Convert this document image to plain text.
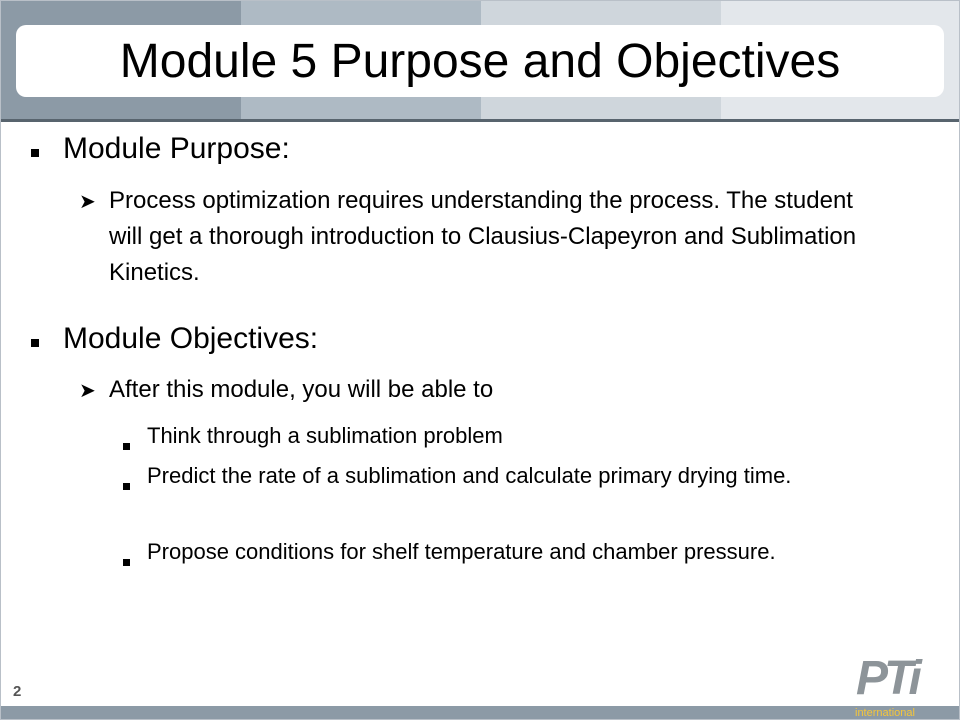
Module 5 Purpose and Objectives
Module Purpose:
➤ Process optimization requires understanding the process. The student will get a thorough introduction to Clausius-Clapeyron and Sublimation Kinetics.
Module Objectives:
➤ After this module, you will be able to
Think through a sublimation problem
Predict the rate of a sublimation and calculate primary drying time.
Propose conditions for shelf temperature and chamber pressure.
2	PTi
international
